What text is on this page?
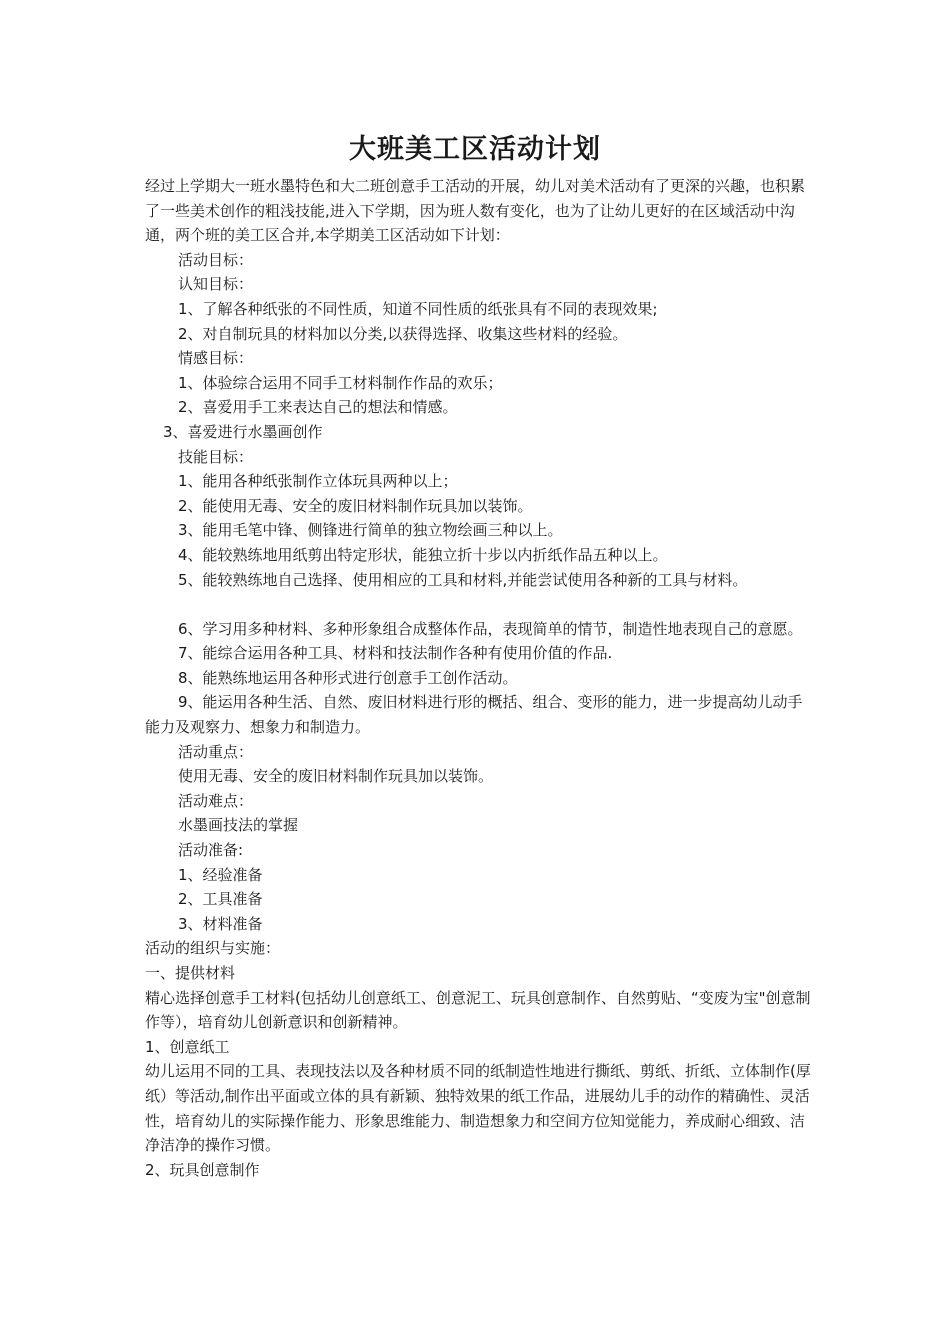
大班美工区活动计划

经过上学期大一班水墨特色和大二班创意手工活动的开展，幼儿对美术活动有了更深的兴趣，也积累了一些美术创作的粗浅技能,进入下学期，因为班人数有变化，也为了让幼儿更好的在区域活动中沟通，两个班的美工区合并,本学期美工区活动如下计划：

活动目标：

认知目标：

1、了解各种纸张的不同性质，知道不同性质的纸张具有不同的表现效果;

2、对自制玩具的材料加以分类,以获得选择、收集这些材料的经验。

情感目标：

1、体验综合运用不同手工材料制作作品的欢乐；

2、喜爱用手工来表达自己的想法和情感。

3、喜爱进行水墨画创作

技能目标：

1、能用各种纸张制作立体玩具两种以上；

2、能使用无毒、安全的废旧材料制作玩具加以装饰。

3、能用毛笔中锋、侧锋进行简单的独立物绘画三种以上。

4、能较熟练地用纸剪出特定形状，能独立折十步以内折纸作品五种以上。

5、能较熟练地自己选择、使用相应的工具和材料,并能尝试使用各种新的工具与材料。

6、学习用多种材料、多种形象组合成整体作品，表现简单的情节，制造性地表现自己的意愿。

7、能综合运用各种工具、材料和技法制作各种有使用价值的作品.

8、能熟练地运用各种形式进行创意手工创作活动。

9、能运用各种生活、自然、废旧材料进行形的概括、组合、变形的能力，进一步提高幼儿动手能力及观察力、想象力和制造力。

活动重点：

使用无毒、安全的废旧材料制作玩具加以装饰。

活动难点：

水墨画技法的掌握

活动准备:

1、经验准备

2、工具准备

3、材料准备

活动的组织与实施：

一、提供材料

精心选择创意手工材料(包括幼儿创意纸工、创意泥工、玩具创意制作、自然剪贴、“变废为宝"创意制作等），培育幼儿创新意识和创新精神。

1、创意纸工

幼儿运用不同的工具、表现技法以及各种材质不同的纸制造性地进行撕纸、剪纸、折纸、立体制作(厚纸）等活动,制作出平面或立体的具有新颖、独特效果的纸工作品，进展幼儿手的动作的精确性、灵活性，培育幼儿的实际操作能力、形象思维能力、制造想象力和空间方位知觉能力，养成耐心细致、洁净洁净的操作习惯。

2、玩具创意制作
